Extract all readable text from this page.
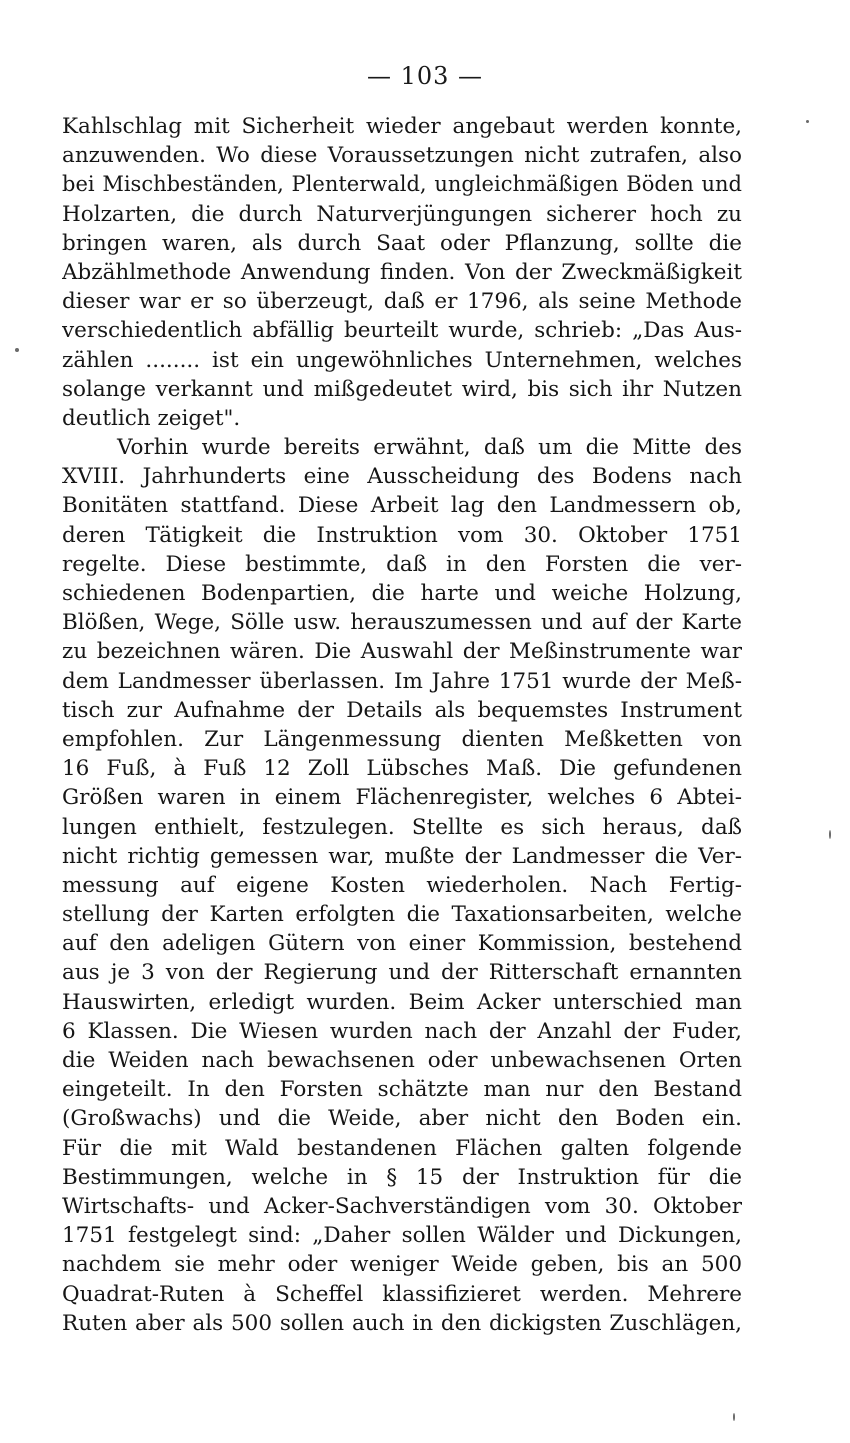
— 103 —
Kahlschlag mit Sicherheit wieder angebaut werden konnte,
anzuwenden. Wo diese Voraussetzungen nicht zutrafen, also
bei Mischbeständen, Plenterwald, ungleichmäßigen Böden und
Holzarten, die durch Naturverjüngungen sicherer hoch zu
bringen waren, als durch Saat oder Pflanzung, sollte die
Abzählmethode Anwendung finden. Von der Zweckmäßigkeit
dieser war er so überzeugt, daß er 1796, als seine Methode
verschiedentlich abfällig beurteilt wurde, schrieb: „Das Aus-
zählen ........ ist ein ungewöhnliches Unternehmen, welches
solange verkannt und mißgedeutet wird, bis sich ihr Nutzen
deutlich zeiget".
Vorhin wurde bereits erwähnt, daß um die Mitte des
XVIII. Jahrhunderts eine Ausscheidung des Bodens nach
Bonitäten stattfand. Diese Arbeit lag den Landmessern ob,
deren Tätigkeit die Instruktion vom 30. Oktober 1751
regelte. Diese bestimmte, daß in den Forsten die ver-
schiedenen Bodenpartien, die harte und weiche Holzung,
Blößen, Wege, Sölle usw. herauszumessen und auf der Karte
zu bezeichnen wären. Die Auswahl der Meßinstrumente war
dem Landmesser überlassen. Im Jahre 1751 wurde der Meß-
tisch zur Aufnahme der Details als bequemstes Instrument
empfohlen. Zur Längenmessung dienten Meßketten von
16 Fuß, à Fuß 12 Zoll Lübsches Maß. Die gefundenen
Größen waren in einem Flächenregister, welches 6 Abtei-
lungen enthielt, festzulegen. Stellte es sich heraus, daß
nicht richtig gemessen war, mußte der Landmesser die Ver-
messung auf eigene Kosten wiederholen. Nach Fertig-
stellung der Karten erfolgten die Taxationsarbeiten, welche
auf den adeligen Gütern von einer Kommission, bestehend
aus je 3 von der Regierung und der Ritterschaft ernannten
Hauswirten, erledigt wurden. Beim Acker unterschied man
6 Klassen. Die Wiesen wurden nach der Anzahl der Fuder,
die Weiden nach bewachsenen oder unbewachsenen Orten
eingeteilt. In den Forsten schätzte man nur den Bestand
(Großwachs) und die Weide, aber nicht den Boden ein.
Für die mit Wald bestandenen Flächen galten folgende
Bestimmungen, welche in § 15 der Instruktion für die
Wirtschafts- und Acker-Sachverständigen vom 30. Oktober
1751 festgelegt sind: „Daher sollen Wälder und Dickungen,
nachdem sie mehr oder weniger Weide geben, bis an 500
Quadrat-Ruten à Scheffel klassifizieret werden. Mehrere
Ruten aber als 500 sollen auch in den dickigsten Zuschlägen,
